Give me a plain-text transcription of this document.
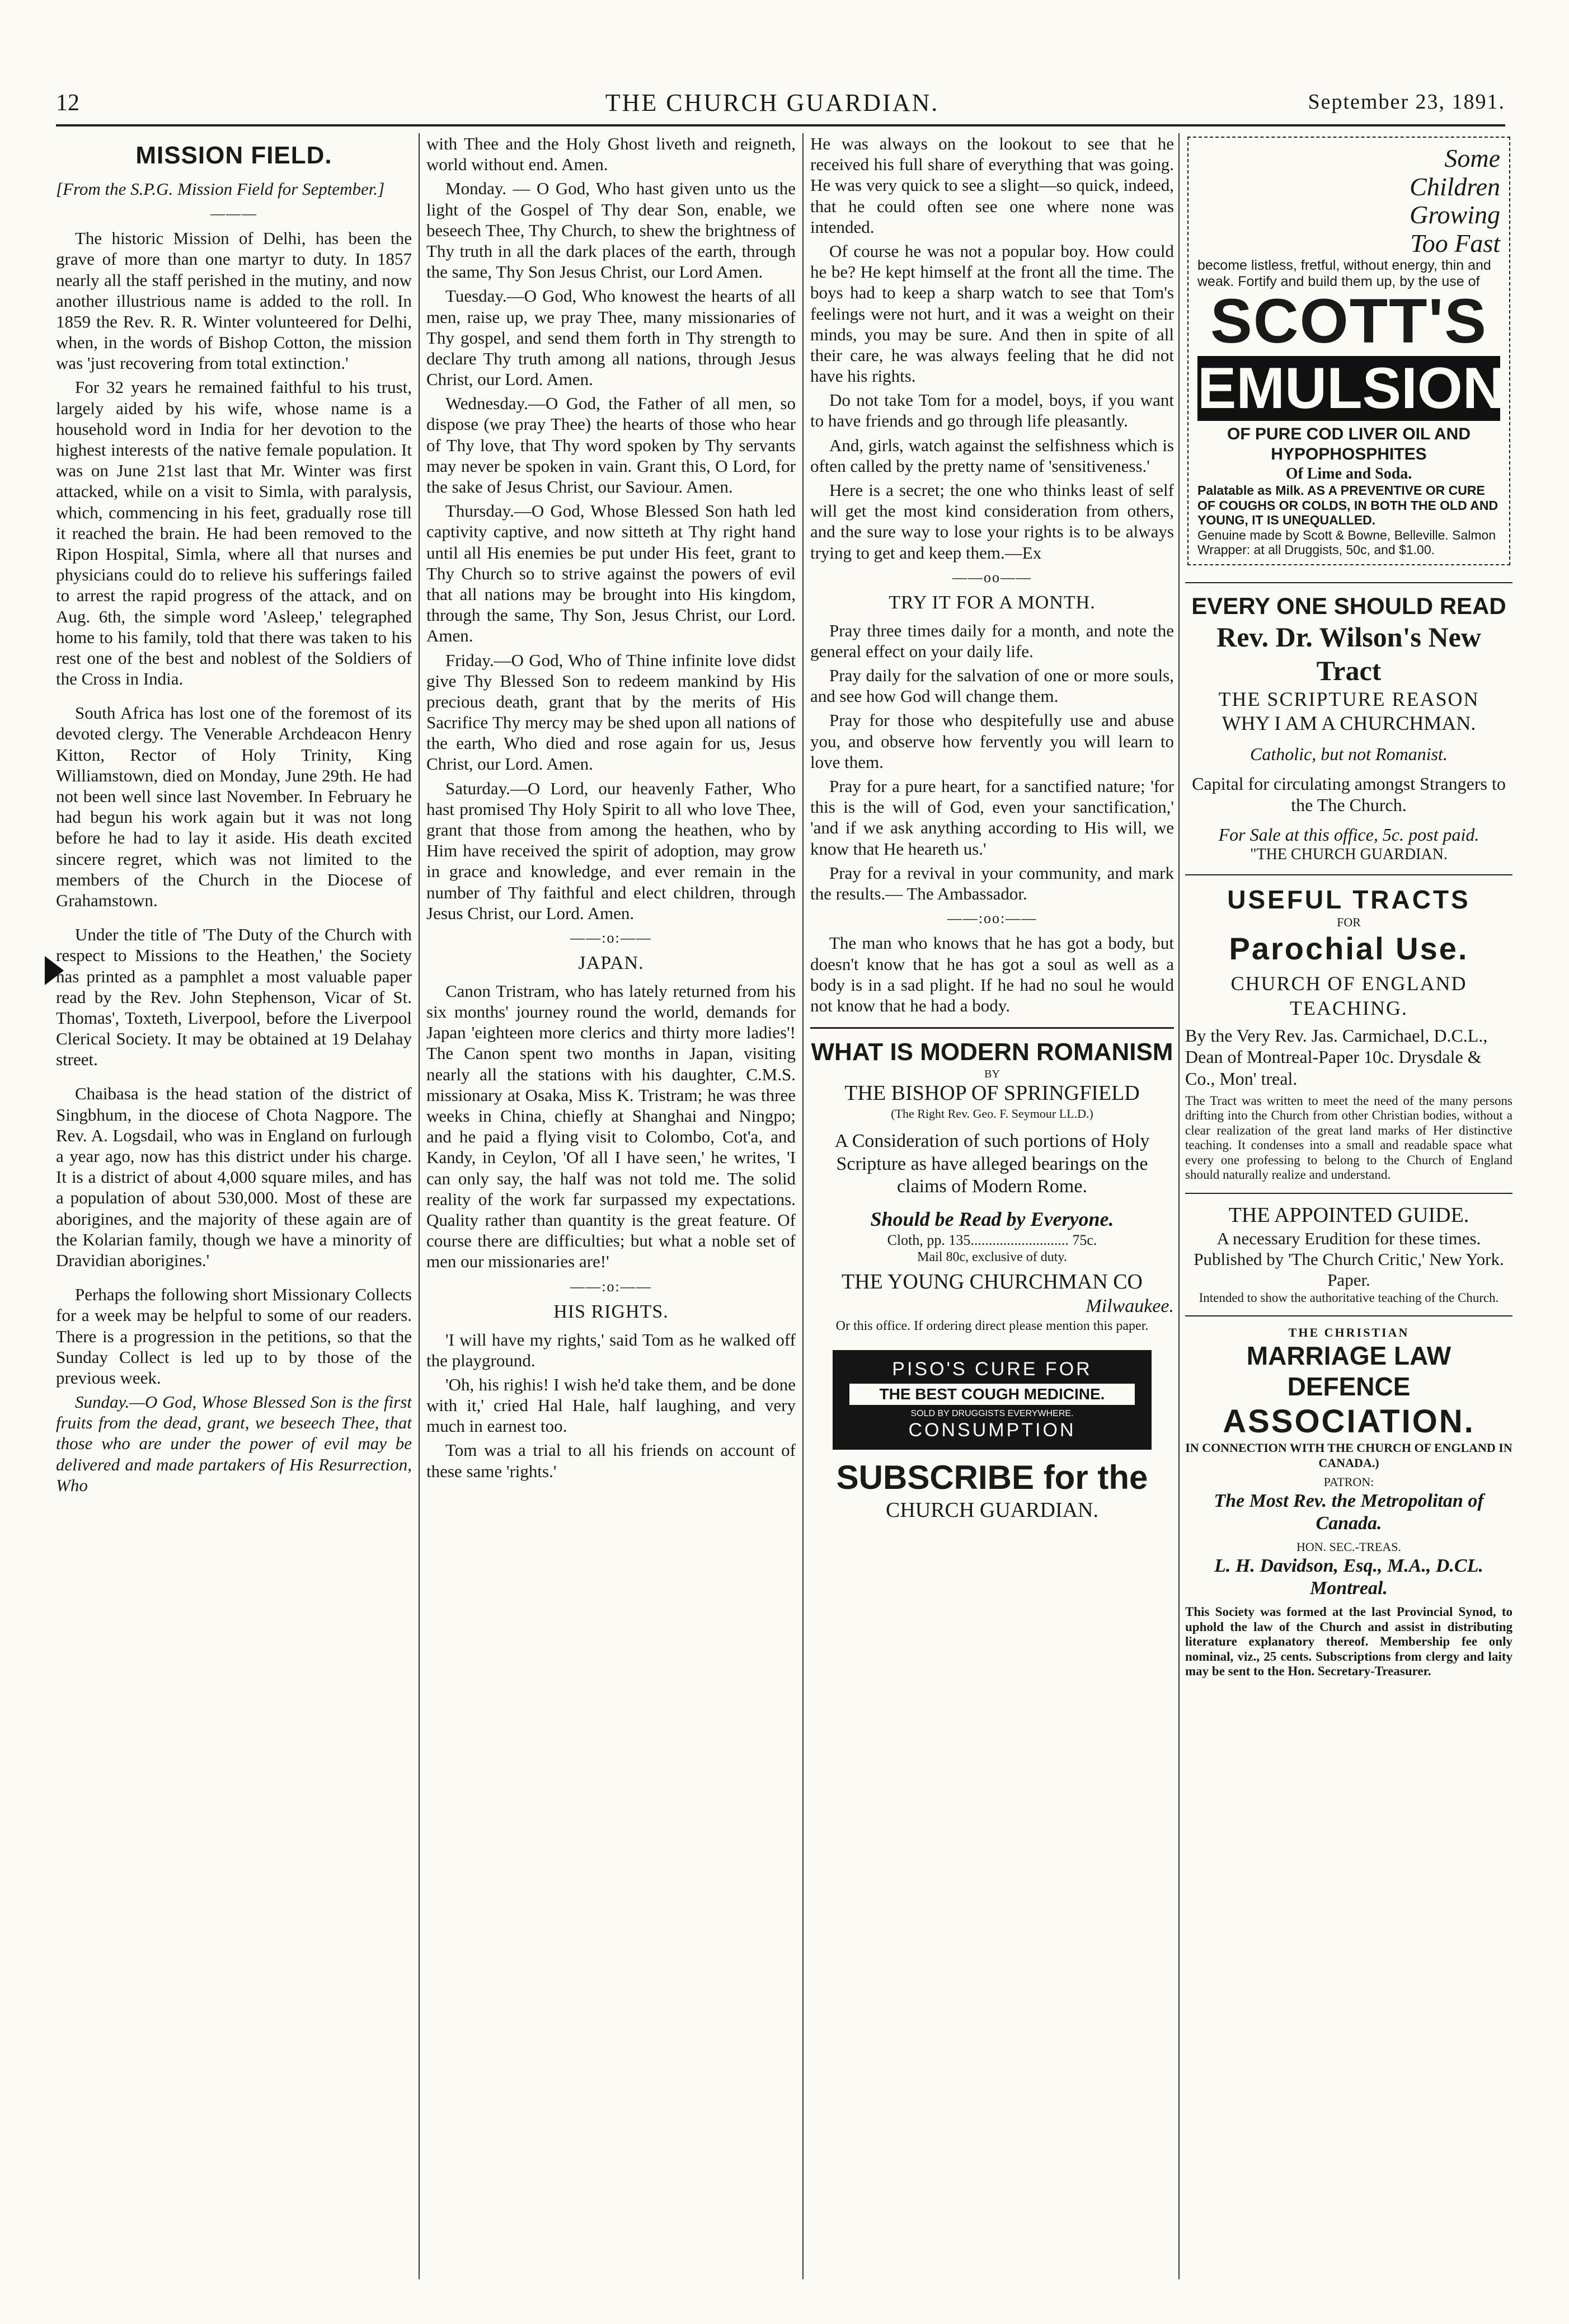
12	THE CHURCH GUARDIAN.	September 23, 1891.
MISSION FIELD.

[From the S.P.G. Mission Field for September.]

———

The historic Mission of Delhi, has been the grave of more than one martyr to duty. In 1857 nearly all the staff perished in the mutiny, and now another illustrious name is added to the roll. In 1859 the Rev. R. R. Winter volunteered for Delhi, when, in the words of Bishop Cotton, the mission was 'just recovering from total extinction.'

For 32 years he remained faithful to his trust, largely aided by his wife, whose name is a household word in India for her devotion to the highest interests of the native female population. It was on June 21st last that Mr. Winter was first attacked, while on a visit to Simla, with paralysis, which, commencing in his feet, gradually rose till it reached the brain. He had been removed to the Ripon Hospital, Simla, where all that nurses and physicians could do to relieve his sufferings failed to arrest the rapid progress of the attack, and on Aug. 6th, the simple word 'Asleep,' telegraphed home to his family, told that there was taken to his rest one of the best and noblest of the Soldiers of the Cross in India.

South Africa has lost one of the foremost of its devoted clergy. The Venerable Archdeacon Henry Kitton, Rector of Holy Trinity, King Williamstown, died on Monday, June 29th. He had not been well since last November. In February he had begun his work again but it was not long before he had to lay it aside. His death excited sincere regret, which was not limited to the members of the Church in the Diocese of Grahamstown.

Under the title of 'The Duty of the Church with respect to Missions to the Heathen,' the Society has printed as a pamphlet a most valuable paper read by the Rev. John Stephenson, Vicar of St. Thomas', Toxteth, Liverpool, before the Liverpool Clerical Society. It may be obtained at 19 Delahay street.

Chaibasa is the head station of the district of Singbhum, in the diocese of Chota Nagpore. The Rev. A. Logsdail, who was in England on furlough a year ago, now has this district under his charge. It is a district of about 4,000 square miles, and has a population of about 530,000. Most of these are aborigines, and the majority of these again are of the Kolarian family, though we have a minority of Dravidian aborigines.'

Perhaps the following short Missionary Collects for a week may be helpful to some of our readers. There is a progression in the petitions, so that the Sunday Collect is led up to by those of the previous week.

Sunday.—O God, Whose Blessed Son is the first fruits from the dead, grant, we beseech Thee, that those who are under the power of evil may be delivered and made partakers of His Resurrection, Who

with Thee and the Holy Ghost liveth and reigneth, world without end. Amen.

Monday. — O God, Who hast given unto us the light of the Gospel of Thy dear Son, enable, we beseech Thee, Thy Church, to shew the brightness of Thy truth in all the dark places of the earth, through the same, Thy Son Jesus Christ, our Lord Amen.

Tuesday.—O God, Who knowest the hearts of all men, raise up, we pray Thee, many missionaries of Thy gospel, and send them forth in Thy strength to declare Thy truth among all nations, through Jesus Christ, our Lord. Amen.

Wednesday.—O God, the Father of all men, so dispose (we pray Thee) the hearts of those who hear of Thy love, that Thy word spoken by Thy servants may never be spoken in vain. Grant this, O Lord, for the sake of Jesus Christ, our Saviour. Amen.

Thursday.—O God, Whose Blessed Son hath led captivity captive, and now sitteth at Thy right hand until all His enemies be put under His feet, grant to Thy Church so to strive against the powers of evil that all nations may be brought into His kingdom, through the same, Thy Son, Jesus Christ, our Lord. Amen.

Friday.—O God, Who of Thine infinite love didst give Thy Blessed Son to redeem mankind by His precious death, grant that by the merits of His Sacrifice Thy mercy may be shed upon all nations of the earth, Who died and rose again for us, Jesus Christ, our Lord. Amen.

Saturday.—O Lord, our heavenly Father, Who hast promised Thy Holy Spirit to all who love Thee, grant that those from among the heathen, who by Him have received the spirit of adoption, may grow in grace and knowledge, and ever remain in the number of Thy faithful and elect children, through Jesus Christ, our Lord. Amen.

——:o:——
JAPAN.

Canon Tristram, who has lately returned from his six months' journey round the world, demands for Japan 'eighteen more clerics and thirty more ladies'! The Canon spent two months in Japan, visiting nearly all the stations with his daughter, C.M.S. missionary at Osaka, Miss K. Tristram; he was three weeks in China, chiefly at Shanghai and Ningpo; and he paid a flying visit to Colombo, Cot'a, and Kandy, in Ceylon, 'Of all I have seen,' he writes, 'I can only say, the half was not told me. The solid reality of the work far surpassed my expectations. Quality rather than quantity is the great feature. Of course there are difficulties; but what a noble set of men our missionaries are!'

——:o:——
HIS RIGHTS.

'I will have my rights,' said Tom as he walked off the playground.

'Oh, his righis! I wish he'd take them, and be done with it,' cried Hal Hale, half laughing, and very much in earnest too.

Tom was a trial to all his friends on account of these same 'rights.'

He was always on the lookout to see that he received his full share of everything that was going. He was very quick to see a slight—so quick, indeed, that he could often see one where none was intended.

Of course he was not a popular boy. How could he be? He kept himself at the front all the time. The boys had to keep a sharp watch to see that Tom's feelings were not hurt, and it was a weight on their minds, you may be sure. And then in spite of all their care, he was always feeling that he did not have his rights.

Do not take Tom for a model, boys, if you want to have friends and go through life pleasantly.

And, girls, watch against the selfishness which is often called by the pretty name of 'sensitiveness.'

Here is a secret; the one who thinks least of self will get the most kind consideration from others, and the sure way to lose your rights is to be always trying to get and keep them.—Ex

——oo——
TRY IT FOR A MONTH.

Pray three times daily for a month, and note the general effect on your daily life.

Pray daily for the salvation of one or more souls, and see how God will change them.

Pray for those who despitefully use and abuse you, and observe how fervently you will learn to love them.

Pray for a pure heart, for a sanctified nature; 'for this is the will of God, even your sanctification,' 'and if we ask anything according to His will, we know that He heareth us.'

Pray for a revival in your community, and mark the results.— The Ambassador.

——:oo:——

The man who knows that he has got a body, but doesn't know that he has got a soul as well as a body is in a sad plight. If he had no soul he would not know that he had a body.

WHAT IS MODERN ROMANISM
BY
THE BISHOP OF SPRINGFIELD
(The Right Rev. Geo. F. Seymour LL.D.)
A Consideration of such portions of Holy Scripture as have alleged bearings on the claims of Modern Rome.
Should be Read by Everyone.
Cloth, pp. 135........................... 75c.
Mail 80c, exclusive of duty.
THE YOUNG CHURCHMAN CO
Milwaukee.
Or this office. If ordering direct please mention this paper.
PISO'S CURE FOR
THE BEST COUGH MEDICINE.
SOLD BY DRUGGISTS EVERYWHERE.
CONSUMPTION
SUBSCRIBE for the
CHURCH GUARDIAN.
Some
Children
Growing
Too Fast
become listless, fretful, without energy, thin and weak. Fortify and build them up, by the use of
SCOTT'S
EMULSION
OF PURE COD LIVER OIL AND
HYPOPHOSPHITES
Of Lime and Soda.
Palatable as Milk. AS A PREVENTIVE OR CURE OF COUGHS OR COLDS, IN BOTH THE OLD AND YOUNG, IT IS UNEQUALLED.
Genuine made by Scott & Bowne, Belleville. Salmon Wrapper: at all Druggists, 50c, and $1.00.
EVERY ONE SHOULD READ
Rev. Dr. Wilson's New Tract
THE SCRIPTURE REASON
WHY I AM A CHURCHMAN.
Catholic, but not Romanist.
Capital for circulating amongst Strangers to the The Church.
For Sale at this office, 5c. post paid.
"THE CHURCH GUARDIAN.
USEFUL TRACTS
FOR
Parochial Use.
CHURCH OF ENGLAND TEACHING.
By the Very Rev. Jas. Carmichael, D.C.L., Dean of Montreal-Paper 10c. Drysdale & Co., Mon' treal.
The Tract was written to meet the need of the many persons drifting into the Church from other Christian bodies, without a clear realization of the great land marks of Her distinctive teaching. It condenses into a small and readable space what every one professing to belong to the Church of England should naturally realize and understand.
THE APPOINTED GUIDE.
A necessary Erudition for these times. Published by 'The Church Critic,' New York. Paper.
Intended to show the authoritative teaching of the Church.
THE CHRISTIAN
MARRIAGE LAW DEFENCE
ASSOCIATION.
IN CONNECTION WITH THE CHURCH OF ENGLAND IN CANADA.)
PATRON:
The Most Rev. the Metropolitan of Canada.
HON. SEC.-TREAS.
L. H. Davidson, Esq., M.A., D.CL. Montreal.
This Society was formed at the last Provincial Synod, to uphold the law of the Church and assist in distributing literature explanatory thereof. Membership fee only nominal, viz., 25 cents. Subscriptions from clergy and laity may be sent to the Hon. Secretary-Treasurer.
